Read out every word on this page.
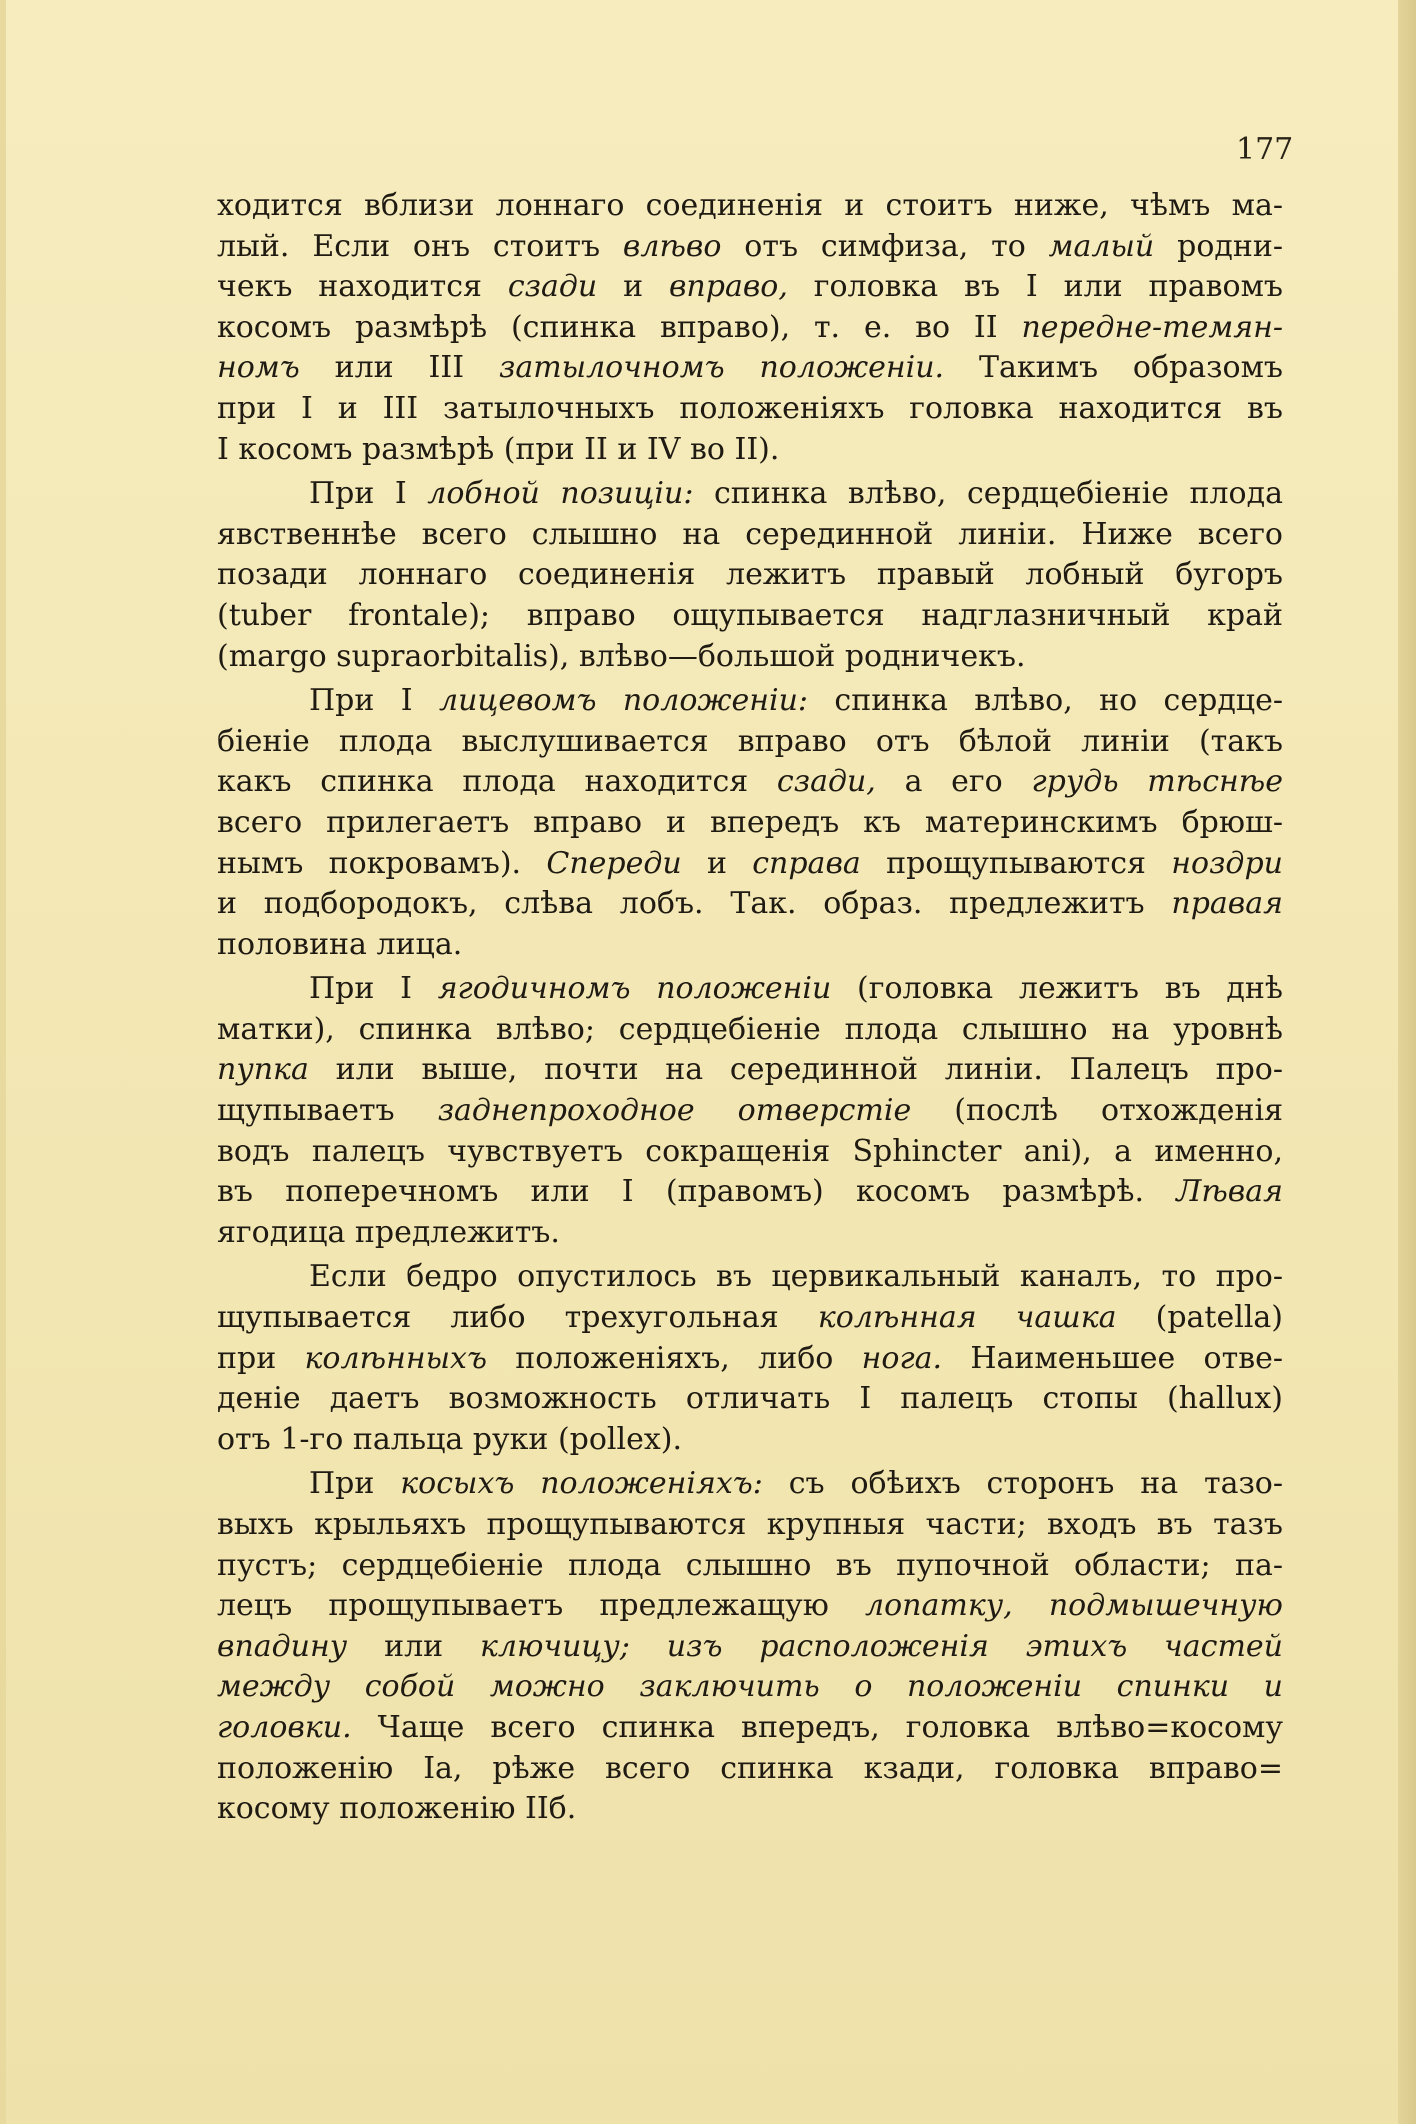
177
ходится вблизи лоннаго соединенія и стоитъ ниже, чѣмъ ма-
лый. Если онъ стоитъ влѣво отъ симфиза, то малый родни-
чекъ находится сзади и вправо, головка въ I или правомъ
косомъ размѣрѣ (спинка вправо), т. е. во II передне-темян-
номъ или III затылочномъ положеніи. Такимъ образомъ
при I и III затылочныхъ положеніяхъ головка находится въ
I косомъ размѣрѣ (при II и IV во II).
При I лобной позиціи: спинка влѣво, сердцебіеніе плода
явственнѣе всего слышно на серединной линіи. Ниже всего
позади лоннаго соединенія лежитъ правый лобный бугоръ
(tuber frontale); вправо ощупывается надглазничный край
(margo supraorbitalis), влѣво—большой родничекъ.
При I лицевомъ положеніи: спинка влѣво, но сердце-
біеніе плода выслушивается вправо отъ бѣлой линіи (такъ
какъ спинка плода находится сзади, а его грудь тѣснѣе
всего прилегаетъ вправо и впередъ къ материнскимъ брюш-
нымъ покровамъ). Спереди и справа прощупываются ноздри
и подбородокъ, слѣва лобъ. Так. образ. предлежитъ правая
половина лица.
При I ягодичномъ положеніи (головка лежитъ въ днѣ
матки), спинка влѣво; сердцебіеніе плода слышно на уровнѣ
пупка или выше, почти на серединной линіи. Палецъ про-
щупываетъ заднепроходное отверстіе (послѣ отхожденія
водъ палецъ чувствуетъ сокращенія Sphincter ani), а именно,
въ поперечномъ или I (правомъ) косомъ размѣрѣ. Лѣвая
ягодица предлежитъ.
Если бедро опустилось въ цервикальный каналъ, то про-
щупывается либо трехугольная колѣнная чашка (patella)
при колѣнныхъ положеніяхъ, либо нога. Наименьшее отве-
деніе даетъ возможность отличать I палецъ стопы (hallux)
отъ 1-го пальца руки (pollex).
При косыхъ положеніяхъ: съ обѣихъ сторонъ на тазо-
выхъ крыльяхъ прощупываются крупныя части; входъ въ тазъ
пустъ; сердцебіеніе плода слышно въ пупочной области; па-
лецъ прощупываетъ предлежащую лопатку, подмышечную
впадину или ключицу; изъ расположенія этихъ частей
между собой можно заключить о положеніи спинки и
головки. Чаще всего спинка впередъ, головка влѣво=косому
положенію Ia, рѣже всего спинка кзади, головка вправо=
косому положенію IIб.
